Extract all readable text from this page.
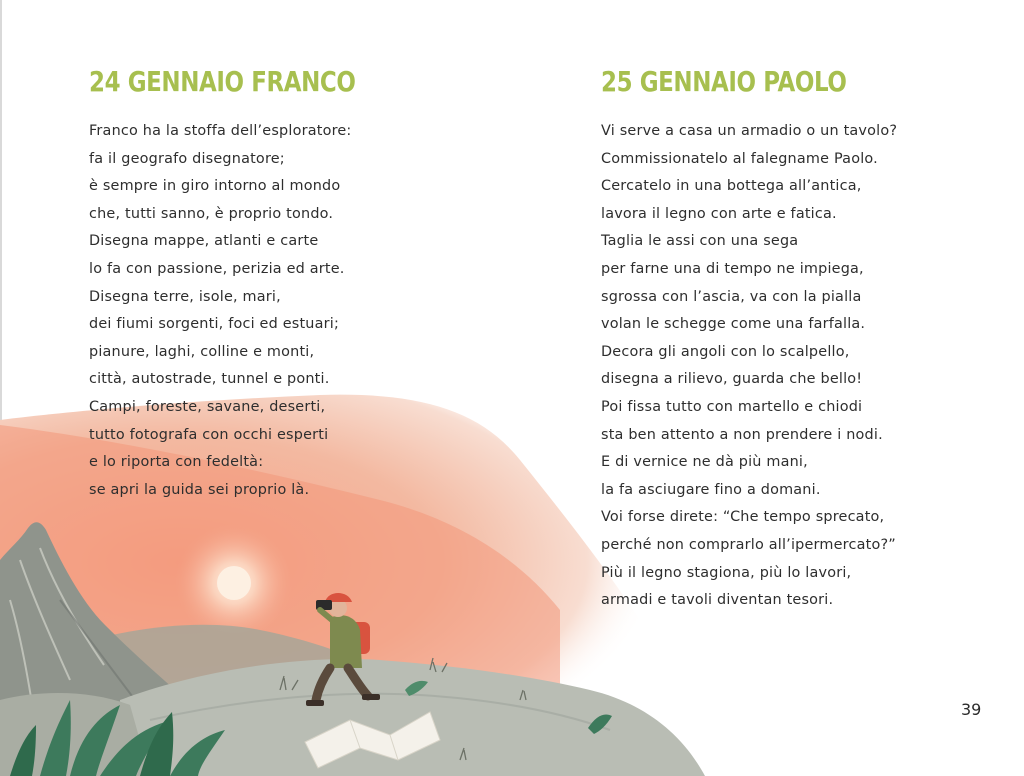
24 GENNAIO FRANCO
Franco ha la stoffa dell’esploratore:
fa il geografo disegnatore;
è sempre in giro intorno al mondo
che, tutti sanno, è proprio tondo.
Disegna mappe, atlanti e carte
lo fa con passione, perizia ed arte.
Disegna terre, isole, mari,
dei fiumi sorgenti, foci ed estuari;
pianure, laghi, colline e monti,
città, autostrade, tunnel e ponti.
Campi, foreste, savane, deserti,
tutto fotografa con occhi esperti
e lo riporta con fedeltà:
se apri la guida sei proprio là.
25 GENNAIO PAOLO
Vi serve a casa un armadio o un tavolo?
Commissionatelo al falegname Paolo.
Cercatelo in una bottega all’antica,
lavora il legno con arte e fatica.
Taglia le assi con una sega
per farne una di tempo ne impiega,
sgrossa con l’ascia, va con la pialla
volan le schegge come una farfalla.
Decora gli angoli con lo scalpello,
disegna a rilievo, guarda che bello!
Poi fissa tutto con martello e chiodi
sta ben attento a non prendere i nodi.
E di vernice ne dà più mani,
la fa asciugare fino a domani.
Voi forse direte: “Che tempo sprecato,
perché non comprarlo all’ipermercato?”
Più il legno stagiona, più lo lavori,
armadi e tavoli diventan tesori.
39
